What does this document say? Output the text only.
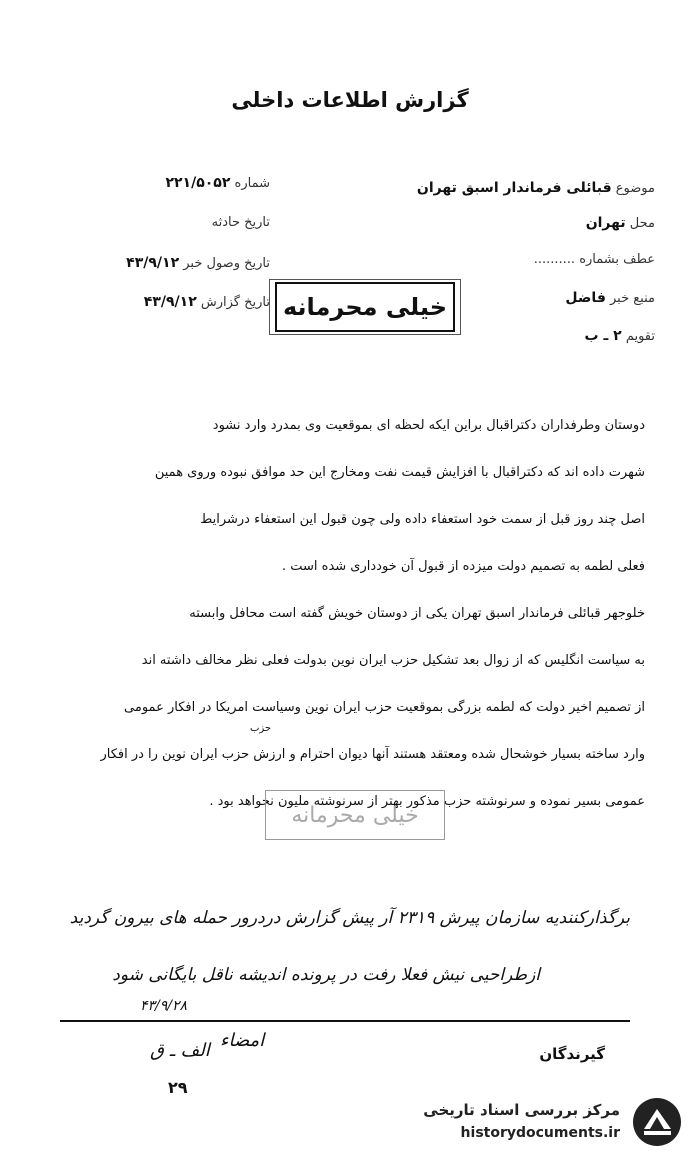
گزارش اطلاعات داخلی
موضوع قبائلی فرماندار اسبق تهران
محل تهران
عطف بشماره ..........
منبع خبر فاضل
تقویم ۲ ـ ب
شماره ۲۲۱/۵۰۵۲
تاریخ حادثه
تاریخ وصول خبر ۴۳/۹/۱۲
تاریخ گزارش ۴۳/۹/۱۲	خیلی محرمانه

دوستان وطرفداران دکتراقبال براین ایکه لحظه ای بموقعیت وی بمدرد وارد نشود

شهرت داده اند که دکتراقبال با افزایش قیمت نفت ومخارج این حد موافق نبوده وروی همین

اصل چند روز قبل از سمت خود استعفاء داده ولی چون قبول این استعفاء درشرایط

فعلی لطمه به تصمیم دولت میزده از قبول آن خودداری شده است .

خلوجهر قبائلی فرماندار اسبق تهران یکی از دوستان خویش گفته است محافل وابسته

به سیاست انگلیس که از زوال بعد تشکیل حزب ایران نوین بدولت فعلی نظر مخالف داشته اند

از تصمیم اخیر دولت که لطمه بزرگی بموقعیت حزب ایران نوین وسیاست امریکا در افکار عمومی

وارد ساخته بسیار خوشحال شده ومعتقد هستند آنها دیوان احترام و ارزش حزب ایران نوین را در افکار

عمومی بسیر نموده و سرنوشته حزب مذکور بهتر از سرنوشته ملیون نخواهد بود .

حزب
خیلی محرمانه
برگذارکنندیه سازمان پیرش ۲۳۱۹ آر پیش گزارش دردرور حمله های بیرون گردید
ازطراحیی نیش فعلا رفت در پرونده اندیشه ناقل بایگانی شود
۴۳/۹/۲۸
امضاء
گیرندگان
الف ـ ق
۲۹
مرکز بررسی اسناد تاریخی
historydocuments.ir
